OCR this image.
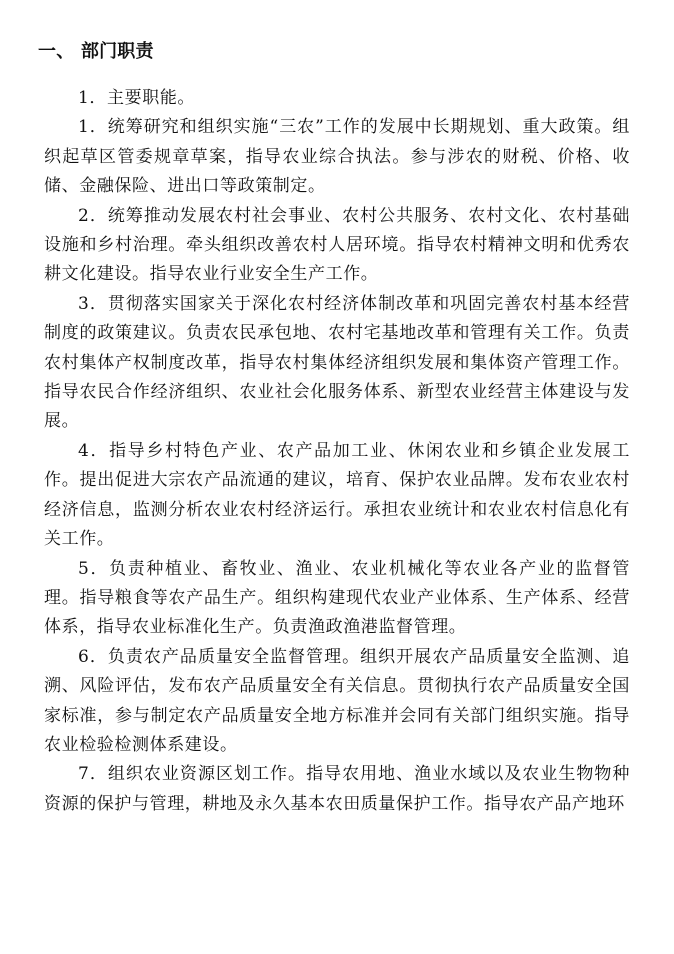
一、 部门职责

1．主要职能。

1．统筹研究和组织实施“三农”工作的发展中长期规划、重大政策。组织起草区管委规章草案，指导农业综合执法。参与涉农的财税、价格、收储、金融保险、进出口等政策制定。

2．统筹推动发展农村社会事业、农村公共服务、农村文化、农村基础设施和乡村治理。牵头组织改善农村人居环境。指导农村精神文明和优秀农耕文化建设。指导农业行业安全生产工作。

3．贯彻落实国家关于深化农村经济体制改革和巩固完善农村基本经营制度的政策建议。负责农民承包地、农村宅基地改革和管理有关工作。负责农村集体产权制度改革，指导农村集体经济组织发展和集体资产管理工作。指导农民合作经济组织、农业社会化服务体系、新型农业经营主体建设与发展。

4．指导乡村特色产业、农产品加工业、休闲农业和乡镇企业发展工作。提出促进大宗农产品流通的建议，培育、保护农业品牌。发布农业农村经济信息，监测分析农业农村经济运行。承担农业统计和农业农村信息化有关工作。

5．负责种植业、畜牧业、渔业、农业机械化等农业各产业的监督管理。指导粮食等农产品生产。组织构建现代农业产业体系、生产体系、经营体系，指导农业标准化生产。负责渔政渔港监督管理。

6．负责农产品质量安全监督管理。组织开展农产品质量安全监测、追溯、风险评估，发布农产品质量安全有关信息。贯彻执行农产品质量安全国家标准，参与制定农产品质量安全地方标准并会同有关部门组织实施。指导农业检验检测体系建设。

7．组织农业资源区划工作。指导农用地、渔业水域以及农业生物物种资源的保护与管理，耕地及永久基本农田质量保护工作。指导农产品产地环
